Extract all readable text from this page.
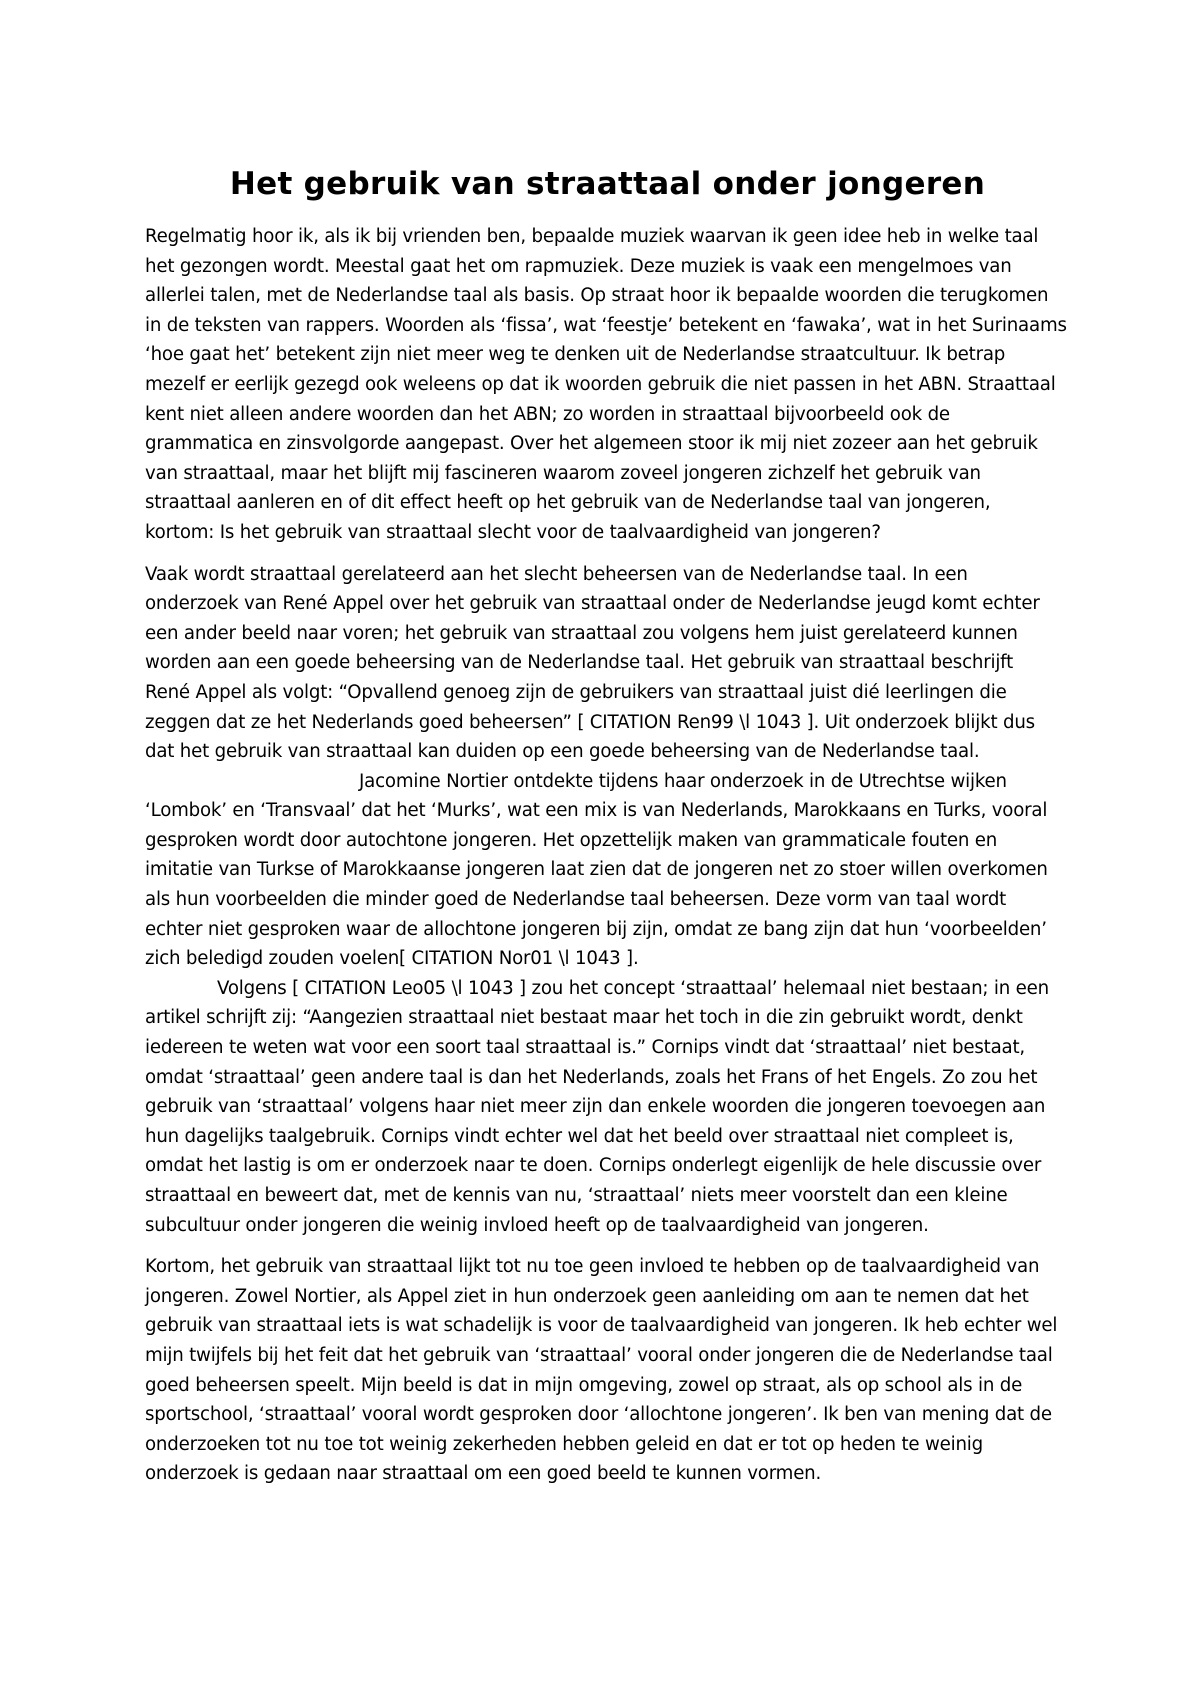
Het gebruik van straattaal onder jongeren

Regelmatig hoor ik, als ik bij vrienden ben, bepaalde muziek waarvan ik geen idee heb in welke taal
het gezongen wordt. Meestal gaat het om rapmuziek. Deze muziek is vaak een mengelmoes van
allerlei talen, met de Nederlandse taal als basis. Op straat hoor ik bepaalde woorden die terugkomen
in de teksten van rappers. Woorden als ‘fissa’, wat ‘feestje’ betekent en ‘fawaka’, wat in het Surinaams
‘hoe gaat het’ betekent zijn niet meer weg te denken uit de Nederlandse straatcultuur. Ik betrap
mezelf er eerlijk gezegd ook weleens op dat ik woorden gebruik die niet passen in het ABN. Straattaal
kent niet alleen andere woorden dan het ABN; zo worden in straattaal bijvoorbeeld ook de
grammatica en zinsvolgorde aangepast. Over het algemeen stoor ik mij niet zozeer aan het gebruik
van straattaal, maar het blijft mij fascineren waarom zoveel jongeren zichzelf het gebruik van
straattaal aanleren en of dit effect heeft op het gebruik van de Nederlandse taal van jongeren,
kortom: Is het gebruik van straattaal slecht voor de taalvaardigheid van jongeren?

Vaak wordt straattaal gerelateerd aan het slecht beheersen van de Nederlandse taal. In een
onderzoek van René Appel over het gebruik van straattaal onder de Nederlandse jeugd komt echter
een ander beeld naar voren; het gebruik van straattaal zou volgens hem juist gerelateerd kunnen
worden aan een goede beheersing van de Nederlandse taal. Het gebruik van straattaal beschrijft
René Appel als volgt: “Opvallend genoeg zijn de gebruikers van straattaal juist dié leerlingen die
zeggen dat ze het Nederlands goed beheersen” [ CITATION Ren99 \l 1043 ]. Uit onderzoek blijkt dus
dat het gebruik van straattaal kan duiden op een goede beheersing van de Nederlandse taal.

Jacomine Nortier ontdekte tijdens haar onderzoek in de Utrechtse wijken
‘Lombok’ en ‘Transvaal’ dat het ‘Murks’, wat een mix is van Nederlands, Marokkaans en Turks, vooral
gesproken wordt door autochtone jongeren. Het opzettelijk maken van grammaticale fouten en
imitatie van Turkse of Marokkaanse jongeren laat zien dat de jongeren net zo stoer willen overkomen
als hun voorbeelden die minder goed de Nederlandse taal beheersen. Deze vorm van taal wordt
echter niet gesproken waar de allochtone jongeren bij zijn, omdat ze bang zijn dat hun ‘voorbeelden’
zich beledigd zouden voelen[ CITATION Nor01 \l 1043 ].

Volgens [ CITATION Leo05 \l 1043 ] zou het concept ‘straattaal’ helemaal niet bestaan; in een
artikel schrijft zij: “Aangezien straattaal niet bestaat maar het toch in die zin gebruikt wordt, denkt
iedereen te weten wat voor een soort taal straattaal is.” Cornips vindt dat ‘straattaal’ niet bestaat,
omdat ‘straattaal’ geen andere taal is dan het Nederlands, zoals het Frans of het Engels. Zo zou het
gebruik van ‘straattaal’ volgens haar niet meer zijn dan enkele woorden die jongeren toevoegen aan
hun dagelijks taalgebruik. Cornips vindt echter wel dat het beeld over straattaal niet compleet is,
omdat het lastig is om er onderzoek naar te doen. Cornips onderlegt eigenlijk de hele discussie over
straattaal en beweert dat, met de kennis van nu, ‘straattaal’ niets meer voorstelt dan een kleine
subcultuur onder jongeren die weinig invloed heeft op de taalvaardigheid van jongeren.

Kortom, het gebruik van straattaal lijkt tot nu toe geen invloed te hebben op de taalvaardigheid van
jongeren. Zowel Nortier, als Appel ziet in hun onderzoek geen aanleiding om aan te nemen dat het
gebruik van straattaal iets is wat schadelijk is voor de taalvaardigheid van jongeren. Ik heb echter wel
mijn twijfels bij het feit dat het gebruik van ‘straattaal’ vooral onder jongeren die de Nederlandse taal
goed beheersen speelt. Mijn beeld is dat in mijn omgeving, zowel op straat, als op school als in de
sportschool, ‘straattaal’ vooral wordt gesproken door ‘allochtone jongeren’. Ik ben van mening dat de
onderzoeken tot nu toe tot weinig zekerheden hebben geleid en dat er tot op heden te weinig
onderzoek is gedaan naar straattaal om een goed beeld te kunnen vormen.
